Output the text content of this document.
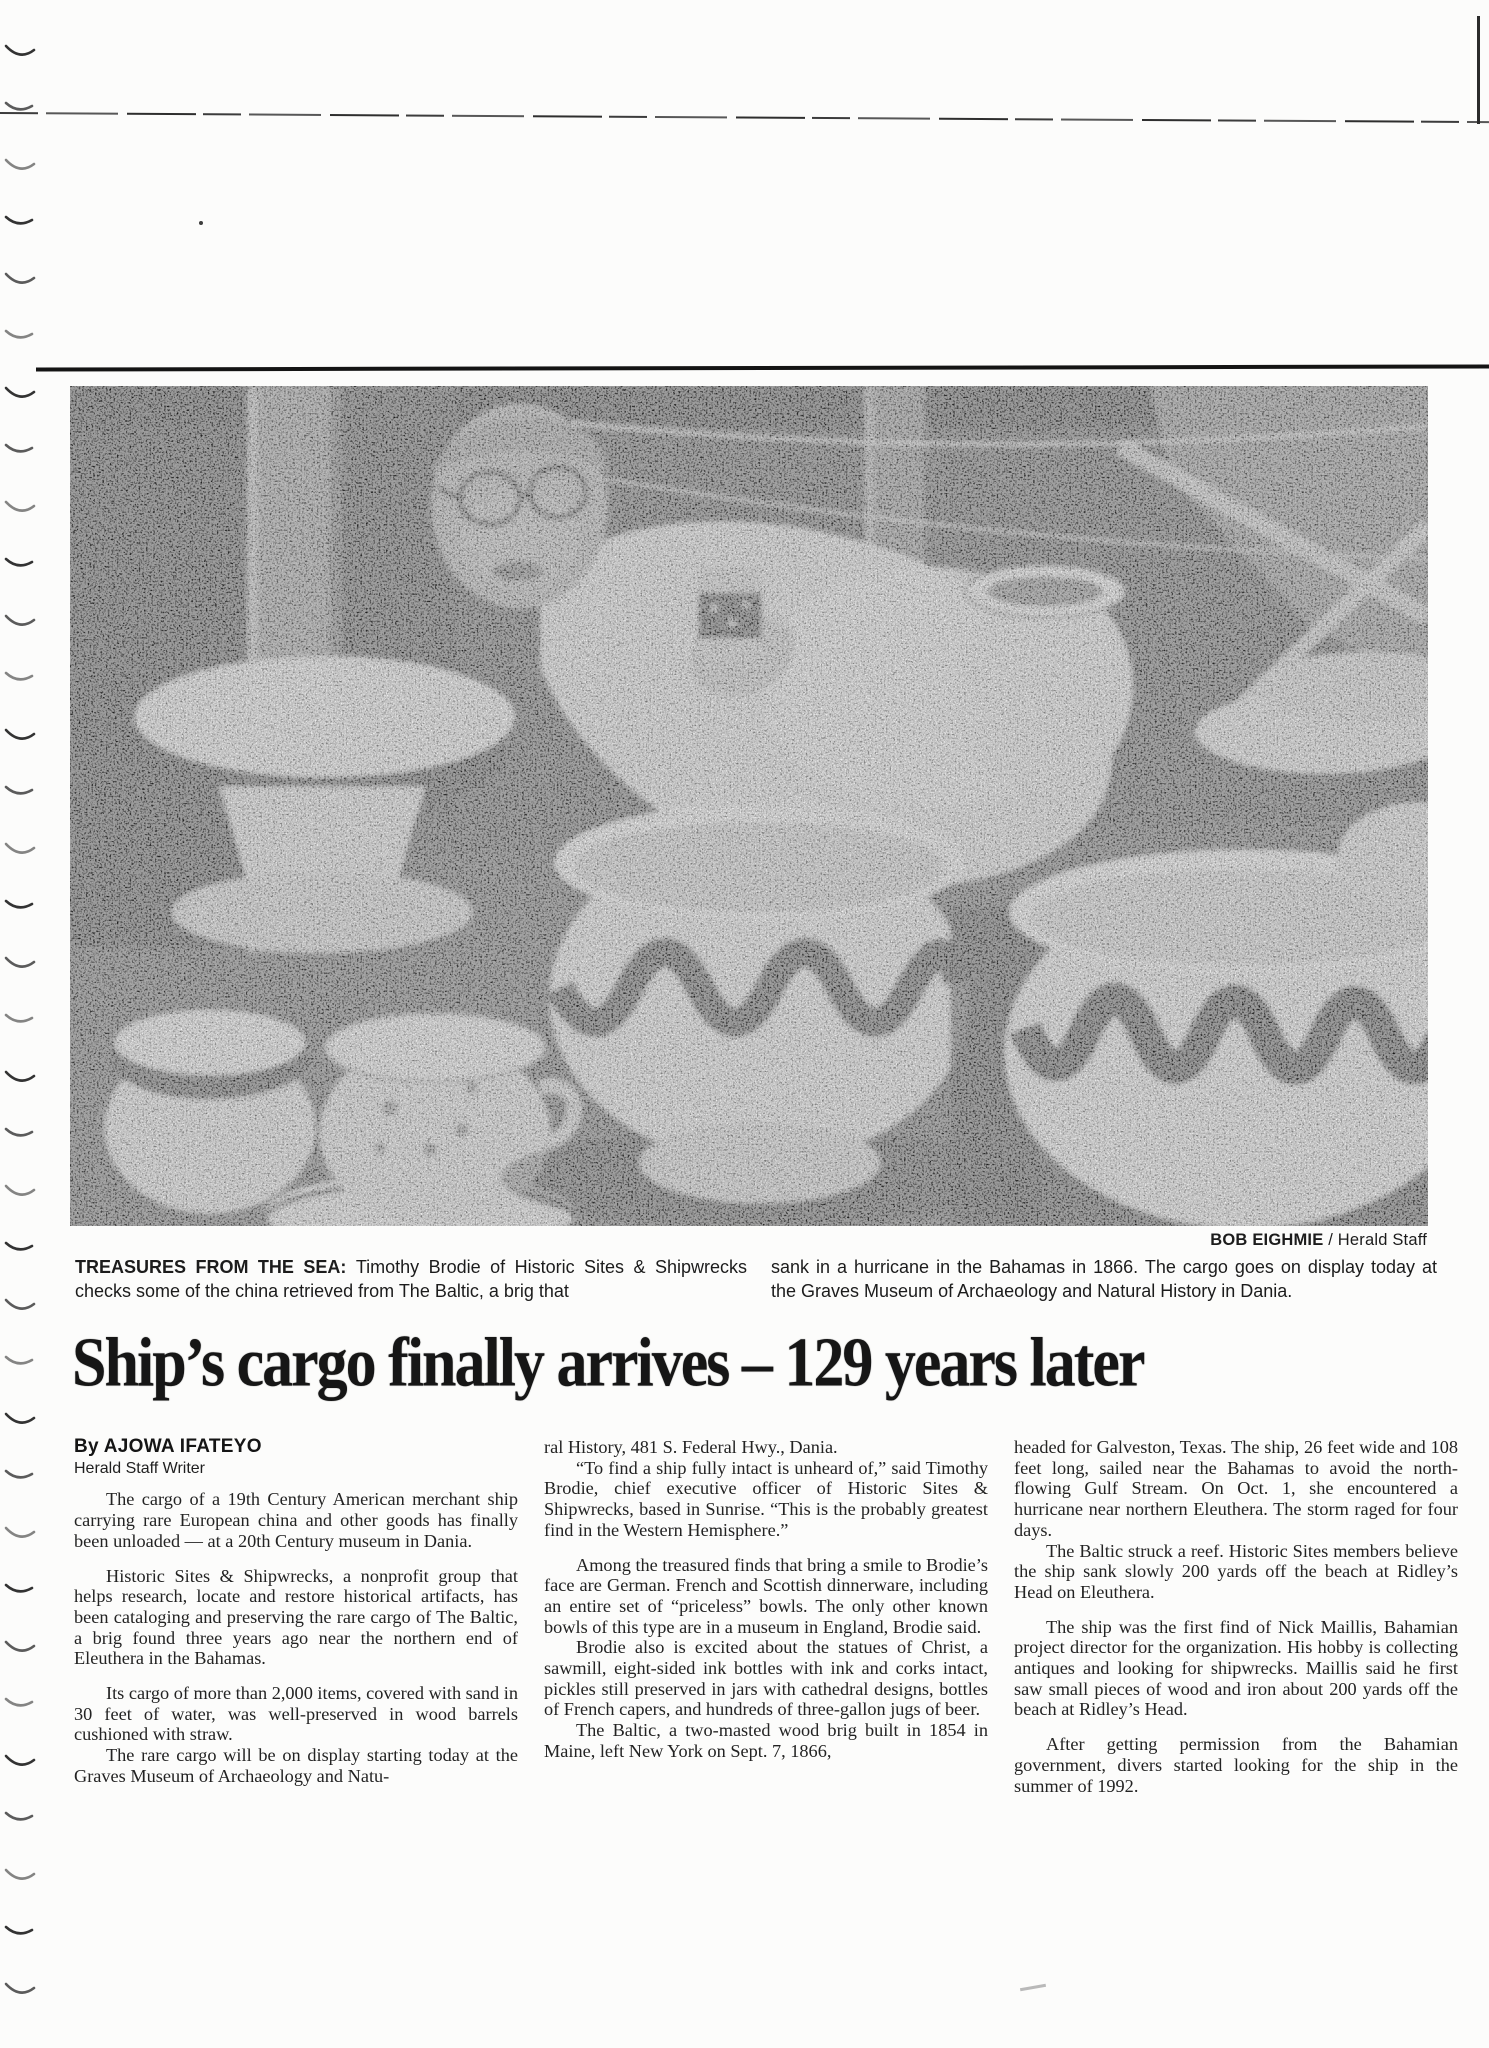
BOB EIGHMIE / Herald Staff

TREASURES FROM THE SEA: Timothy Brodie of Historic Sites & Shipwrecks checks some of the china retrieved from The Baltic, a brig that

sank in a hurricane in the Bahamas in 1866. The cargo goes on display today at the Graves Museum of Archaeology and Natural History in Dania.

Ship’s cargo finally arrives – 129 years later
By AJOWA IFATEYO
Herald Staff Writer

The cargo of a 19th Century American merchant ship carrying rare European china and other goods has finally been unloaded — at a 20th Century museum in Dania.

Historic Sites & Shipwrecks, a nonprofit group that helps research, locate and restore historical artifacts, has been cataloging and preserving the rare cargo of The Baltic, a brig found three years ago near the northern end of Eleuthera in the Bahamas.

Its cargo of more than 2,000 items, covered with sand in 30 feet of water, was well-preserved in wood barrels cushioned with straw.

The rare cargo will be on display starting today at the Graves Museum of Archaeology and Natu-

ral History, 481 S. Federal Hwy., Dania.

“To find a ship fully intact is unheard of,” said Timothy Brodie, chief executive officer of Historic Sites & Shipwrecks, based in Sunrise. “This is the probably greatest find in the Western Hemisphere.”

Among the treasured finds that bring a smile to Brodie’s face are German. French and Scottish dinnerware, including an entire set of “priceless” bowls. The only other known bowls of this type are in a museum in England, Brodie said.

Brodie also is excited about the statues of Christ, a sawmill, eight-sided ink bottles with ink and corks intact, pickles still preserved in jars with cathedral designs, bottles of French capers, and hundreds of three-gallon jugs of beer.

The Baltic, a two-masted wood brig built in 1854 in Maine, left New York on Sept. 7, 1866,

headed for Galveston, Texas. The ship, 26 feet wide and 108 feet long, sailed near the Bahamas to avoid the north-flowing Gulf Stream. On Oct. 1, she encountered a hurricane near northern Eleuthera. The storm raged for four days.

The Baltic struck a reef. Historic Sites members believe the ship sank slowly 200 yards off the beach at Ridley’s Head on Eleuthera.

The ship was the first find of Nick Maillis, Bahamian project director for the organization. His hobby is collecting antiques and looking for shipwrecks. Maillis said he first saw small pieces of wood and iron about 200 yards off the beach at Ridley’s Head.

After getting permission from the Bahamian government, divers started looking for the ship in the summer of 1992.
